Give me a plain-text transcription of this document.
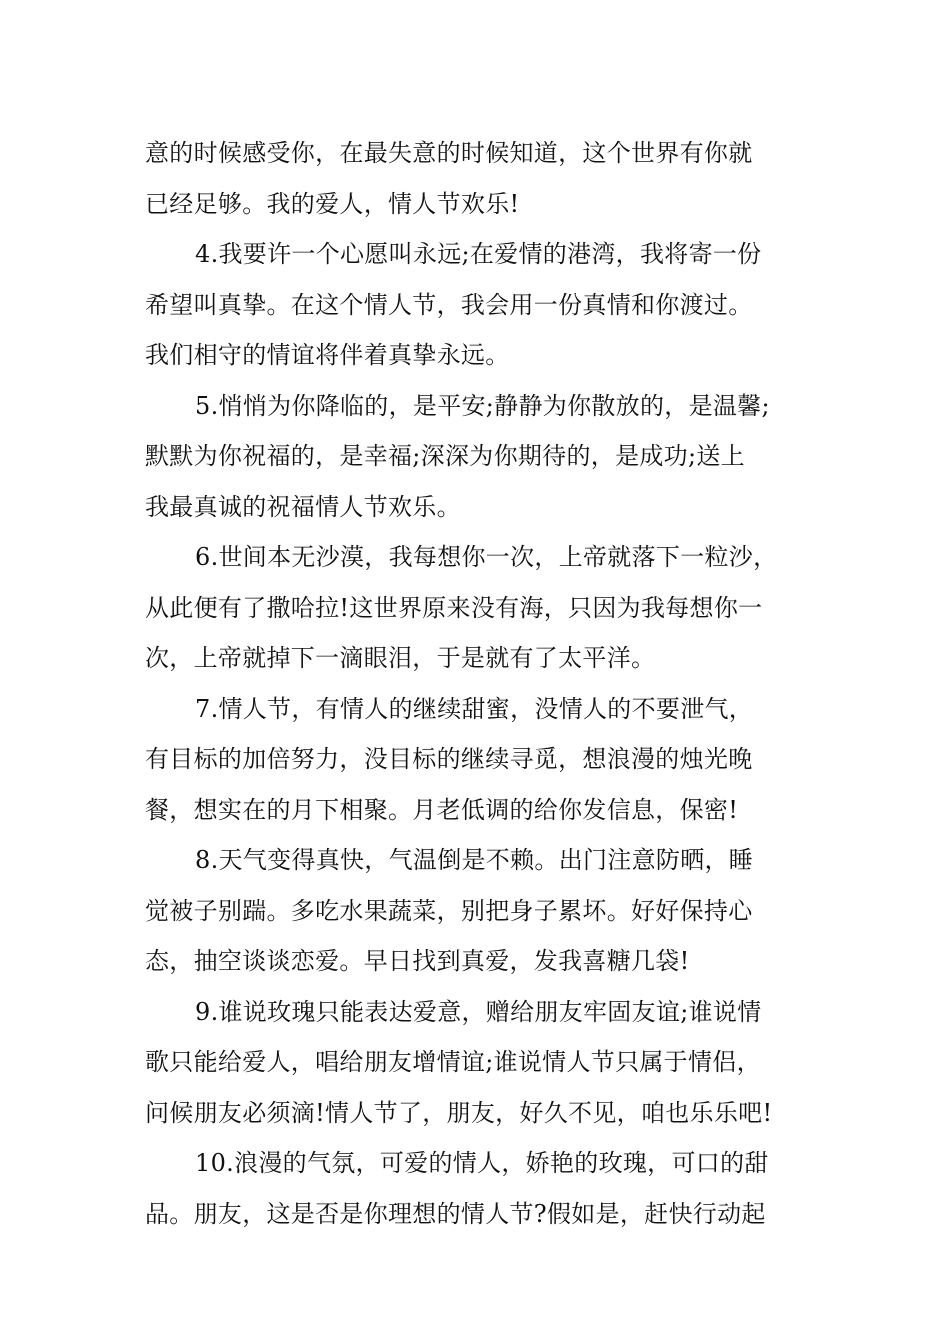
意的时候感受你，在最失意的时候知道，这个世界有你就
已经足够。我的爱人，情人节欢乐!
4.我要许一个心愿叫永远;在爱情的港湾，我将寄一份
希望叫真挚。在这个情人节，我会用一份真情和你渡过。
我们相守的情谊将伴着真挚永远。
5.悄悄为你降临的，是平安;静静为你散放的，是温馨;
默默为你祝福的，是幸福;深深为你期待的，是成功;送上
我最真诚的祝福情人节欢乐。
6.世间本无沙漠，我每想你一次，上帝就落下一粒沙，
从此便有了撒哈拉!这世界原来没有海，只因为我每想你一
次，上帝就掉下一滴眼泪，于是就有了太平洋。
7.情人节，有情人的继续甜蜜，没情人的不要泄气，
有目标的加倍努力，没目标的继续寻觅，想浪漫的烛光晚
餐，想实在的月下相聚。月老低调的给你发信息，保密!
8.天气变得真快，气温倒是不赖。出门注意防晒，睡
觉被子别踹。多吃水果蔬菜，别把身子累坏。好好保持心
态，抽空谈谈恋爱。早日找到真爱，发我喜糖几袋!
9.谁说玫瑰只能表达爱意，赠给朋友牢固友谊;谁说情
歌只能给爱人，唱给朋友增情谊;谁说情人节只属于情侣，
问候朋友必须滴!情人节了，朋友，好久不见，咱也乐乐吧!
10.浪漫的气氛，可爱的情人，娇艳的玫瑰，可口的甜
品。朋友，这是否是你理想的情人节?假如是，赶快行动起
